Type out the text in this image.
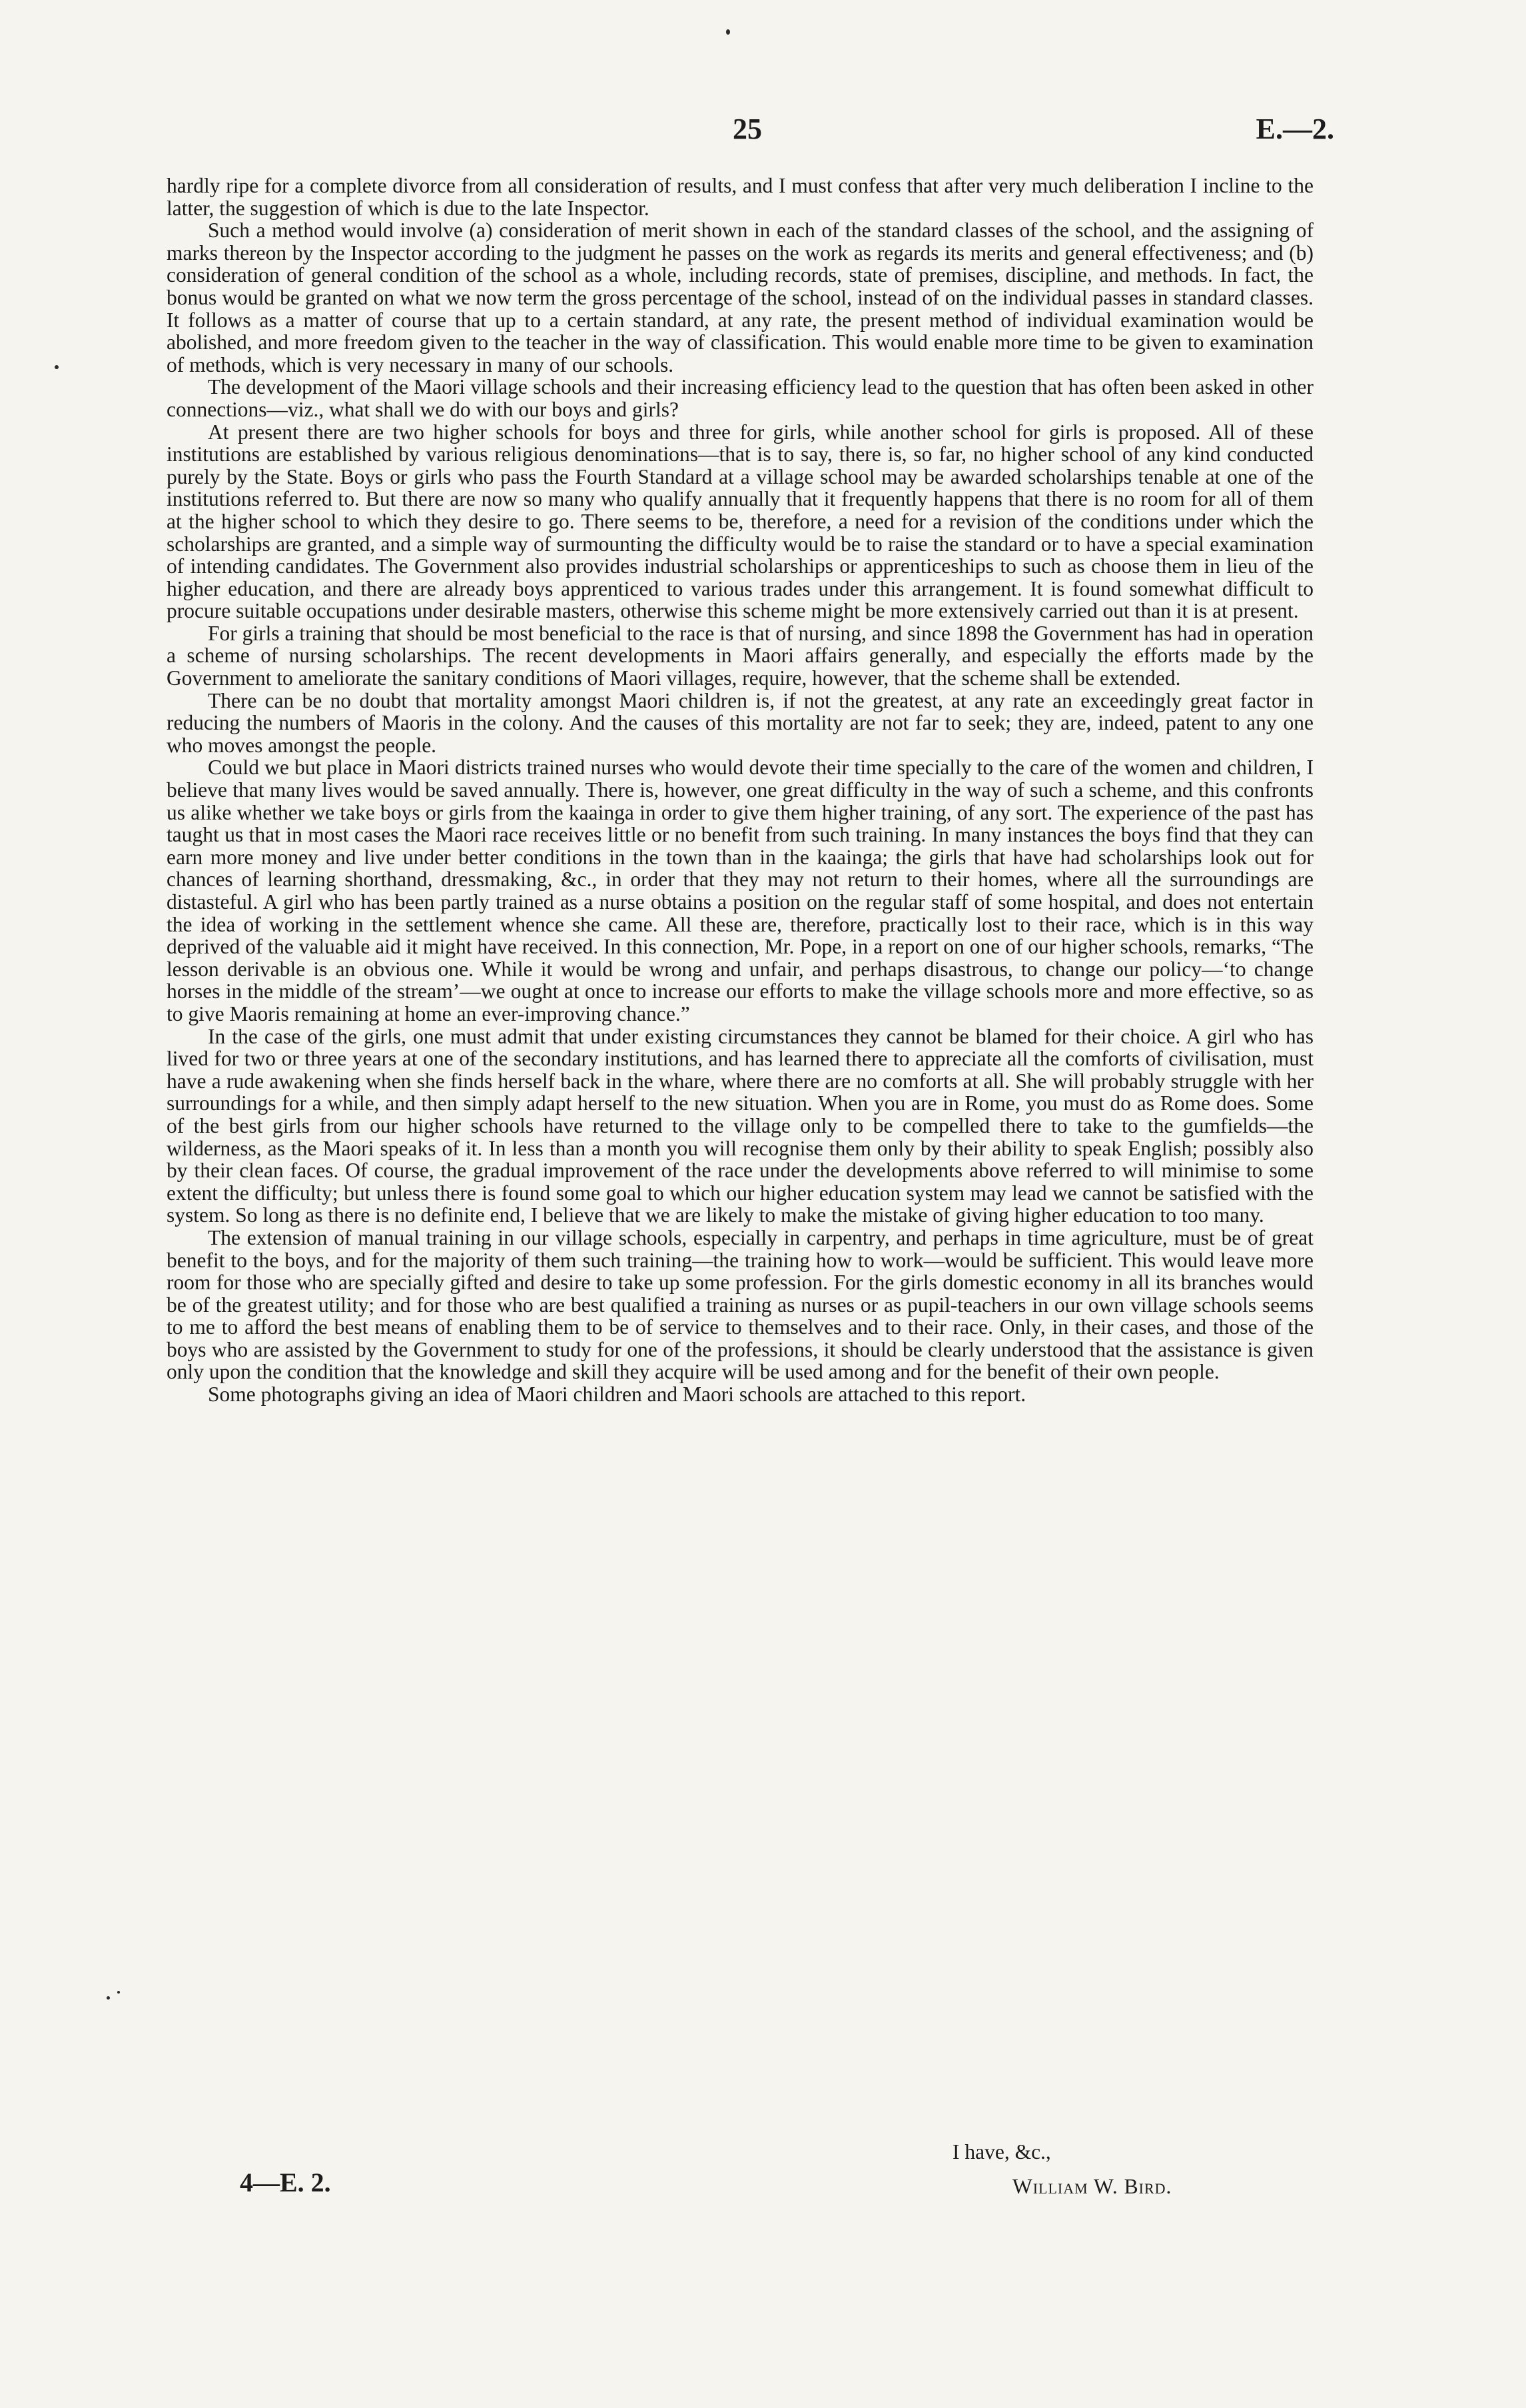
25	E.—2.

hardly ripe for a complete divorce from all consideration of results, and I must confess that after very much deliberation I incline to the latter, the suggestion of which is due to the late Inspector.

Such a method would involve (a) consideration of merit shown in each of the standard classes of the school, and the assigning of marks thereon by the Inspector according to the judgment he passes on the work as regards its merits and general effectiveness; and (b) consideration of general condition of the school as a whole, including records, state of premises, discipline, and methods. In fact, the bonus would be granted on what we now term the gross percentage of the school, instead of on the individual passes in standard classes. It follows as a matter of course that up to a certain standard, at any rate, the present method of individual examination would be abolished, and more freedom given to the teacher in the way of classification. This would enable more time to be given to examination of methods, which is very necessary in many of our schools.

The development of the Maori village schools and their increasing efficiency lead to the question that has often been asked in other connections—viz., what shall we do with our boys and girls?

At present there are two higher schools for boys and three for girls, while another school for girls is proposed. All of these institutions are established by various religious denominations—that is to say, there is, so far, no higher school of any kind conducted purely by the State. Boys or girls who pass the Fourth Standard at a village school may be awarded scholarships tenable at one of the institutions referred to. But there are now so many who qualify annually that it frequently happens that there is no room for all of them at the higher school to which they desire to go. There seems to be, therefore, a need for a revision of the conditions under which the scholarships are granted, and a simple way of surmounting the difficulty would be to raise the standard or to have a special examination of intending candidates. The Government also provides industrial scholarships or apprenticeships to such as choose them in lieu of the higher education, and there are already boys apprenticed to various trades under this arrangement. It is found somewhat difficult to procure suitable occupations under desirable masters, otherwise this scheme might be more extensively carried out than it is at present.

For girls a training that should be most beneficial to the race is that of nursing, and since 1898 the Government has had in operation a scheme of nursing scholarships. The recent developments in Maori affairs generally, and especially the efforts made by the Government to ameliorate the sanitary conditions of Maori villages, require, however, that the scheme shall be extended.

There can be no doubt that mortality amongst Maori children is, if not the greatest, at any rate an exceedingly great factor in reducing the numbers of Maoris in the colony. And the causes of this mortality are not far to seek; they are, indeed, patent to any one who moves amongst the people.

Could we but place in Maori districts trained nurses who would devote their time specially to the care of the women and children, I believe that many lives would be saved annually. There is, however, one great difficulty in the way of such a scheme, and this confronts us alike whether we take boys or girls from the kaainga in order to give them higher training, of any sort. The experience of the past has taught us that in most cases the Maori race receives little or no benefit from such training. In many instances the boys find that they can earn more money and live under better conditions in the town than in the kaainga; the girls that have had scholarships look out for chances of learning shorthand, dressmaking, &c., in order that they may not return to their homes, where all the surroundings are distasteful. A girl who has been partly trained as a nurse obtains a position on the regular staff of some hospital, and does not entertain the idea of working in the settlement whence she came. All these are, therefore, practically lost to their race, which is in this way deprived of the valuable aid it might have received. In this connection, Mr. Pope, in a report on one of our higher schools, remarks, “The lesson derivable is an obvious one. While it would be wrong and unfair, and perhaps disastrous, to change our policy—‘to change horses in the middle of the stream’—we ought at once to increase our efforts to make the village schools more and more effective, so as to give Maoris remaining at home an ever-improving chance.”

In the case of the girls, one must admit that under existing circumstances they cannot be blamed for their choice. A girl who has lived for two or three years at one of the secondary institutions, and has learned there to appreciate all the comforts of civilisation, must have a rude awakening when she finds herself back in the whare, where there are no comforts at all. She will probably struggle with her surroundings for a while, and then simply adapt herself to the new situation. When you are in Rome, you must do as Rome does. Some of the best girls from our higher schools have returned to the village only to be compelled there to take to the gumfields—the wilderness, as the Maori speaks of it. In less than a month you will recognise them only by their ability to speak English; possibly also by their clean faces. Of course, the gradual improvement of the race under the developments above referred to will minimise to some extent the difficulty; but unless there is found some goal to which our higher education system may lead we cannot be satisfied with the system. So long as there is no definite end, I believe that we are likely to make the mistake of giving higher education to too many.

The extension of manual training in our village schools, especially in carpentry, and perhaps in time agriculture, must be of great benefit to the boys, and for the majority of them such training—the training how to work—would be sufficient. This would leave more room for those who are specially gifted and desire to take up some profession. For the girls domestic economy in all its branches would be of the greatest utility; and for those who are best qualified a training as nurses or as pupil-teachers in our own village schools seems to me to afford the best means of enabling them to be of service to themselves and to their race. Only, in their cases, and those of the boys who are assisted by the Government to study for one of the professions, it should be clearly understood that the assistance is given only upon the condition that the knowledge and skill they acquire will be used among and for the benefit of their own people.

Some photographs giving an idea of Maori children and Maori schools are attached to this report.

I have, &c.,
William W. Bird.
4—E. 2.
